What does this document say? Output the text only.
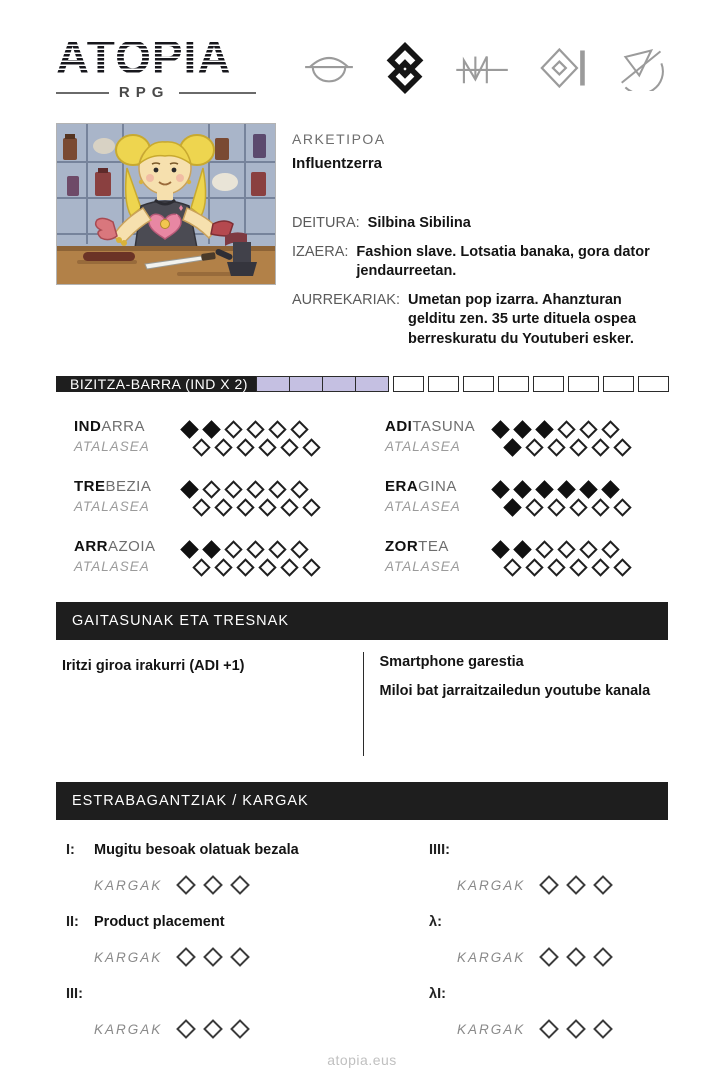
ATOPIA
RPG
ARKETIPOA
Influentzerra
DEITURA: Silbina Sibilina
IZAERA: Fashion slave. Lotsatia banaka, gora dator jendaurreetan.
AURREKARIAK: Umetan pop izarra. Ahanzturan gelditu zen. 35 urte dituela ospea berreskuratu du Youtuberi esker.
BIZITZA-BARRA (IND X 2)
INDARRA
ATALASEA
ADITASUNA
ATALASEA
TREBEZIA
ATALASEA
ERAGINA
ATALASEA
ARRAZOIA
ATALASEA
ZORTEA
ATALASEA
GAITASUNAK ETA TRESNAK
Iritzi giroa irakurri (ADI +1)	Smartphone garestia
Miloi bat jarraitzailedun youtube kanala
ESTRABAGANTZIAK / KARGAK
I:	Mugitu besoak olatuak bezala
KARGAK
IIII:
KARGAK
II:	Product placement
KARGAK
λ:
KARGAK
III:
KARGAK
λI:
KARGAK
atopia.eus
